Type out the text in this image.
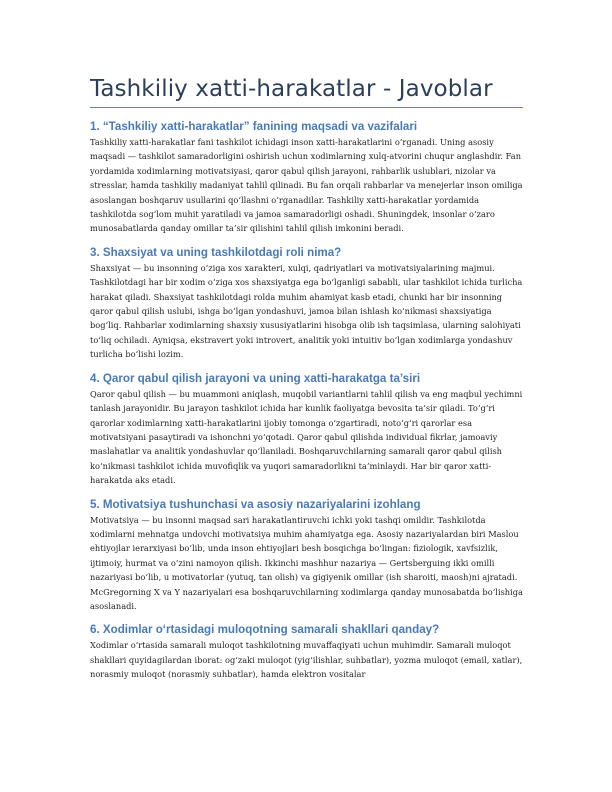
Tashkiliy xatti-harakatlar - Javoblar
1. “Tashkiliy xatti-harakatlar” fanining maqsadi va vazifalari

Tashkiliy xatti-harakatlar fani tashkilot ichidagi inson xatti-harakatlarini o‘rganadi. Uning asosiy maqsadi — tashkilot samaradorligini oshirish uchun xodimlarning xulq-atvorini chuqur anglashdir. Fan yordamida xodimlarning motivatsiyasi, qaror qabul qilish jarayoni, rahbarlik uslublari, nizolar va stresslar, hamda tashkiliy madaniyat tahlil qilinadi. Bu fan orqali rahbarlar va menejerlar inson omiliga asoslangan boshqaruv usullarini qo‘llashni o‘rganadilar. Tashkiliy xatti-harakatlar yordamida tashkilotda sog‘lom muhit yaratiladi va jamoa samaradorligi oshadi. Shuningdek, insonlar o‘zaro munosabatlarda qanday omillar ta’sir qilishini tahlil qilish imkonini beradi.

3. Shaxsiyat va uning tashkilotdagi roli nima?

Shaxsiyat — bu insonning o‘ziga xos xarakteri, xulqi, qadriyatlari va motivatsiyalarining majmui. Tashkilotdagi har bir xodim o‘ziga xos shaxsiyatga ega bo‘lganligi sababli, ular tashkilot ichida turlicha harakat qiladi. Shaxsiyat tashkilotdagi rolda muhim ahamiyat kasb etadi, chunki har bir insonning qaror qabul qilish uslubi, ishga bo‘lgan yondashuvi, jamoa bilan ishlash ko‘nikmasi shaxsiyatiga bog‘liq. Rahbarlar xodimlarning shaxsiy xususiyatlarini hisobga olib ish taqsimlasa, ularning salohiyati to‘liq ochiladi. Ayniqsa, ekstravert yoki introvert, analitik yoki intuitiv bo‘lgan xodimlarga yondashuv turlicha bo‘lishi lozim.

4. Qaror qabul qilish jarayoni va uning xatti-harakatga ta’siri

Qaror qabul qilish — bu muammoni aniqlash, muqobil variantlarni tahlil qilish va eng maqbul yechimni tanlash jarayonidir. Bu jarayon tashkilot ichida har kunlik faoliyatga bevosita ta’sir qiladi. To‘g‘ri qarorlar xodimlarning xatti-harakatlarini ijobiy tomonga o‘zgartiradi, noto‘g‘ri qarorlar esa motivatsiyani pasaytiradi va ishonchni yo‘qotadi. Qaror qabul qilishda individual fikrlar, jamoaviy maslahatlar va analitik yondashuvlar qo‘llaniladi. Boshqaruvchilarning samarali qaror qabul qilish ko‘nikmasi tashkilot ichida muvofiqlik va yuqori samaradorlikni ta’minlaydi. Har bir qaror xatti-harakatda aks etadi.

5. Motivatsiya tushunchasi va asosiy nazariyalarini izohlang

Motivatsiya — bu insonni maqsad sari harakatlantiruvchi ichki yoki tashqi omildir. Tashkilotda xodimlarni mehnatga undovchi motivatsiya muhim ahamiyatga ega. Asosiy nazariyalardan biri Maslou ehtiyojlar ierarxiyasi bo‘lib, unda inson ehtiyojlari besh bosqichga bo‘lingan: fiziologik, xavfsizlik, ijtimoiy, hurmat va o‘zini namoyon qilish. Ikkinchi mashhur nazariya — Gertsberguing ikki omilli nazariyasi bo‘lib, u motivatorlar (yutuq, tan olish) va gigiyenik omillar (ish sharoiti, maosh)ni ajratadi. McGregorning X va Y nazariyalari esa boshqaruvchilarning xodimlarga qanday munosabatda bo‘lishiga asoslanadi.

6. Xodimlar o‘rtasidagi muloqotning samarali shakllari qanday?

Xodimlar o‘rtasida samarali muloqot tashkilotning muvaffaqiyati uchun muhimdir. Samarali muloqot shakllari quyidagilardan iborat: og‘zaki muloqot (yig‘ilishlar, suhbatlar), yozma muloqot (email, xatlar), norasmiy muloqot (norasmiy suhbatlar), hamda elektron vositalar
